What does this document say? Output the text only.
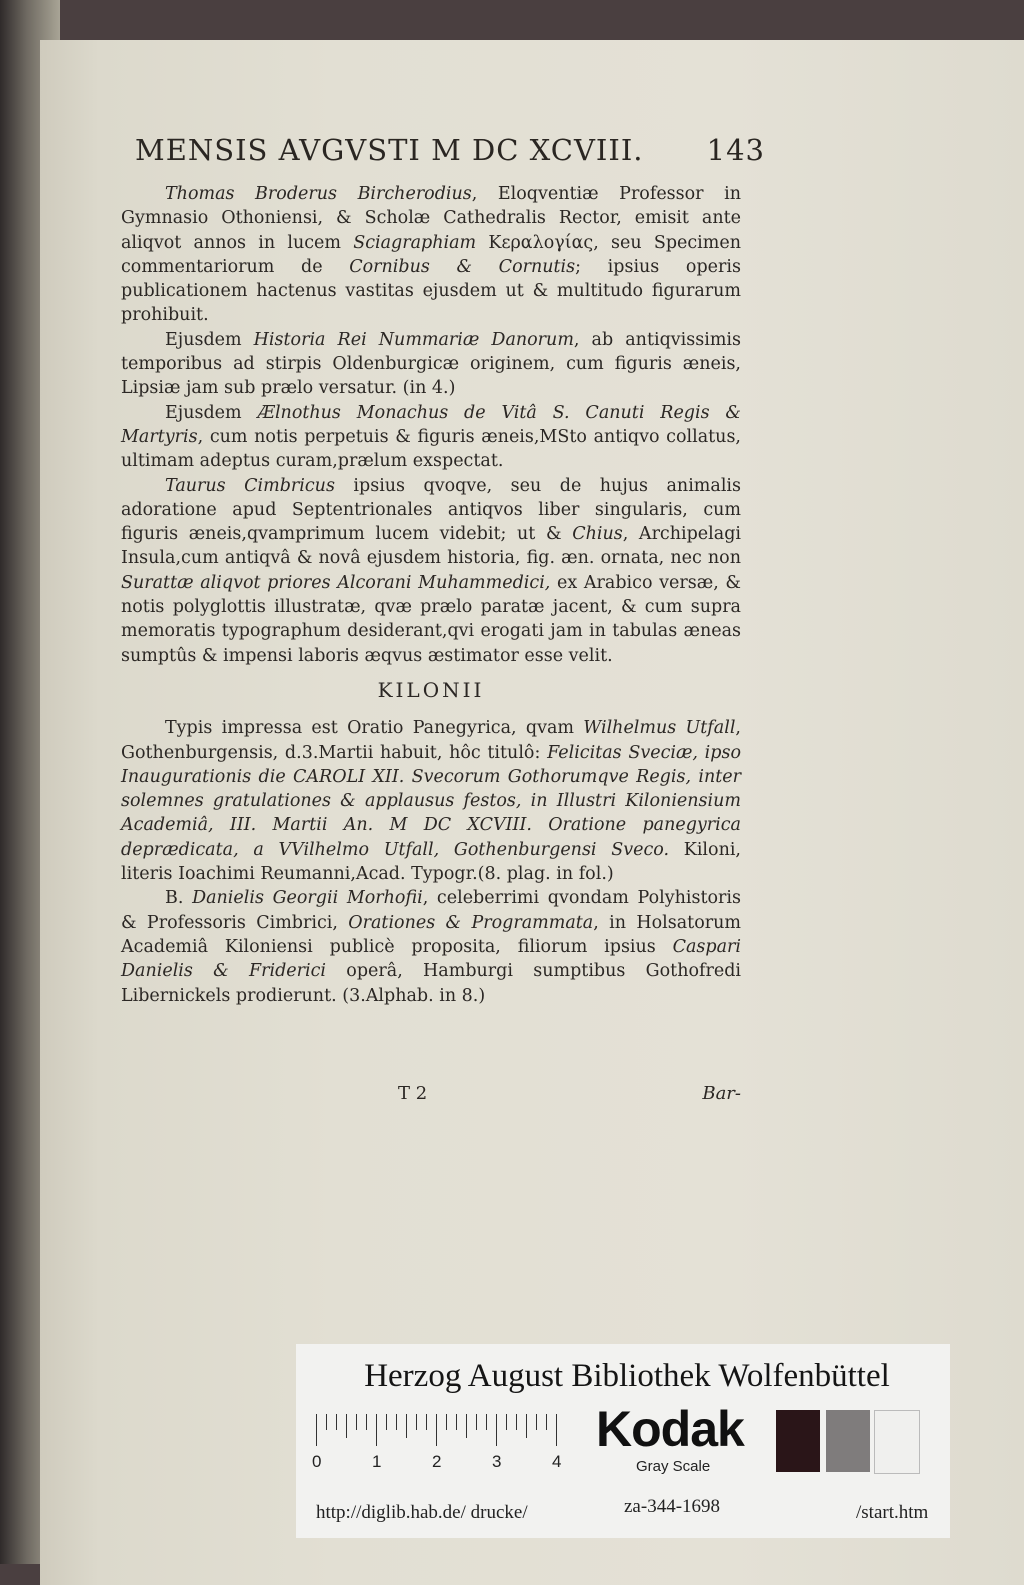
MENSIS AVGVSTI M DC XCVIII. 143

Thomas Broderus Bircherodius, Eloqventiæ Professor in Gymnasio Othoniensi, & Scholæ Cathedralis Rector, emisit ante aliqvot annos in lucem Sciagraphiam Κεραλογίας, seu Specimen commentariorum de Cornibus & Cornutis; ipsius operis publicationem hactenus vastitas ejusdem ut & multitudo figurarum prohibuit.

Ejusdem Historia Rei Nummariæ Danorum, ab antiqvissimis temporibus ad stirpis Oldenburgicæ originem, cum figuris æneis, Lipsiæ jam sub prælo versatur. (in 4.)

Ejusdem Ælnothus Monachus de Vitâ S. Canuti Regis & Martyris, cum notis perpetuis & figuris æneis,MSto antiqvo collatus, ultimam adeptus curam,prælum exspectat.

Taurus Cimbricus ipsius qvoqve, seu de hujus animalis adoratione apud Septentrionales antiqvos liber singularis, cum figuris æneis,qvamprimum lucem videbit; ut & Chius, Archipelagi Insula,cum antiqvâ & novâ ejusdem historia, fig. æn. ornata, nec non Surattæ aliqvot priores Alcorani Muhammedici, ex Arabico versæ, & notis polyglottis illustratæ, qvæ prælo paratæ jacent, & cum supra memoratis typographum desiderant,qvi erogati jam in tabulas æneas sumptûs & impensi laboris æqvus æstimator esse velit.

KILONII

Typis impressa est Oratio Panegyrica, qvam Wilhelmus Utfall, Gothenburgensis, d.3.Martii habuit, hôc titulô: Felicitas Sveciæ, ipso Inaugurationis die CAROLI XII. Svecorum Gothorumqve Regis, inter solemnes gratulationes & applausus festos, in Illustri Kiloniensium Academiâ, III. Martii An. M DC XCVIII. Oratione panegyrica deprædicata, a VVilhelmo Utfall, Gothenburgensi Sveco. Kiloni, literis Ioachimi Reumanni,Acad. Typogr.(8. plag. in fol.)

B. Danielis Georgii Morhofii, celeberrimi qvondam Polyhistoris & Professoris Cimbrici, Orationes & Programmata, in Holsatorum Academiâ Kiloniensi publicè proposita, filiorum ipsius Caspari Danielis & Friderici operâ, Hamburgi sumptibus Gothofredi Libernickels prodierunt. (3.Alphab. in 8.)

T 2	Bar-
Herzog August Bibliothek Wolfenbüttel
Kodak
Gray Scale
http://diglib.hab.de/ drucke/	za-344-1698	/start.htm
0	1	2	3	4
